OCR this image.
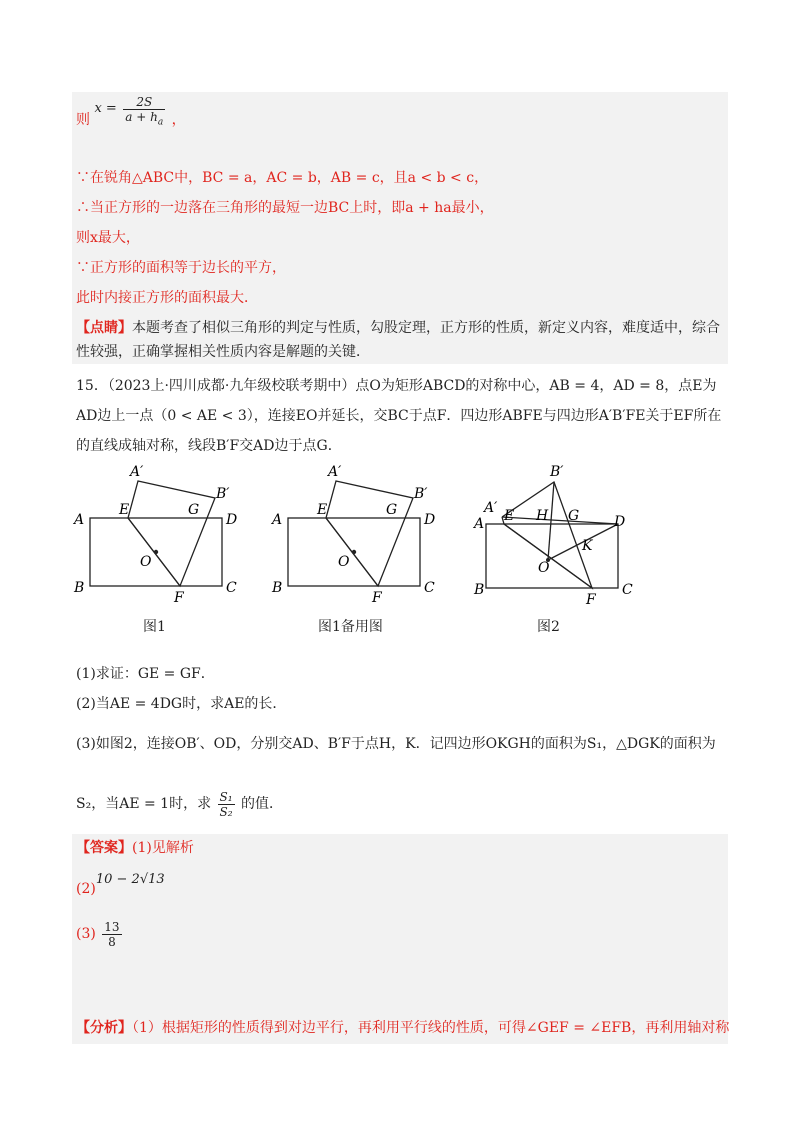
则 $x = \frac{2S}{a + h_a}$ ，
∵在锐角△ABC中，BC = a，AC = b，AB = c，且a < b < c，
∴当正方形的一边落在三角形的最短一边BC上时，即a + ha最小，
则x最大，
∵正方形的面积等于边长的平方，
此时内接正方形的面积最大．
【点睛】本题考查了相似三角形的判定与性质，勾股定理，正方形的性质，新定义内容，难度适中，综合
性较强，正确掌握相关性质内容是解题的关键．
15．（2023上·四川成都·九年级校联考期中）点O为矩形ABCD的对称中心，AB = 4，AD = 8，点E为
AD边上一点（0 < AE < 3），连接EO并延长，交BC于点F．四边形ABFE与四边形A′B′FE关于EF所在
的直线成轴对称，线段B′F交AD边于点G．
A′
B′
A
E	G
D
O
B
F
C
图1
A′
B′
A
E	G
D
O
B
F
C
图1备用图
B′
A′
A E H G D
K
O
B
F
C
图2
(1)求证：GE = GF．
(2)当AE = 4DG时，求AE的长．
(3)如图2，连接OB′、OD，分别交AD、B′F于点H，K．记四边形OKGH的面积为S₁，△DGK的面积为
S₂，当AE = 1时，求 $\frac{\text{S₁}}{\text{S₂}}$ 的值．
【答案】(1)见解析
(2)10 − 2√13
$(3) \frac{13}{8}$
【分析】（1）根据矩形的性质得到对边平行，再利用平行线的性质，可得∠GEF = ∠EFB，再利用轴对称
